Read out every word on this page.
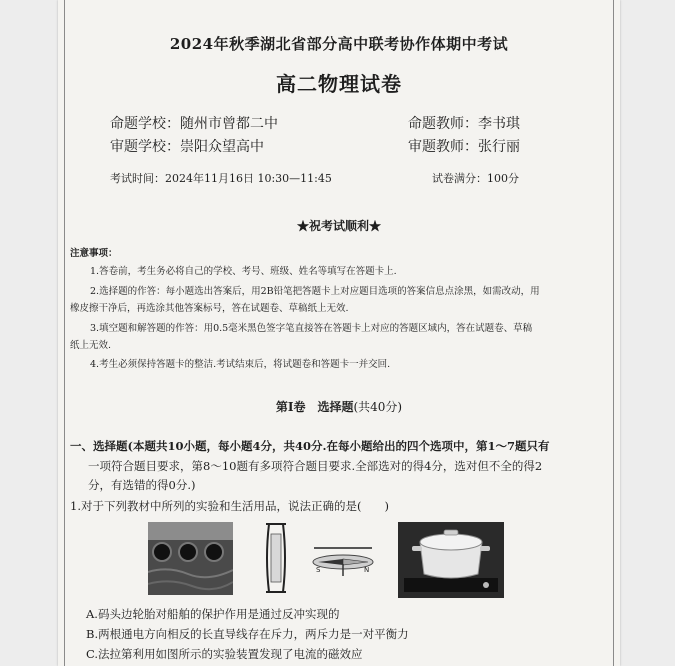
2024年秋季湖北省部分高中联考协作体期中考试
高二物理试卷
命题学校：随州市曾都二中	命题教师：李书琪
审题学校：崇阳众望高中	审题教师：张行丽
考试时间：2024年11月16日 10:30—11:45	试卷满分：100分
★祝考试顺利★
注意事项：
1.答卷前，考生务必将自己的学校、考号、班级、姓名等填写在答题卡上.
2.选择题的作答：每小题选出答案后，用2B铅笔把答题卡上对应题目选项的答案信息点涂黑，如需改动，用
橡皮擦干净后，再选涂其他答案标号，答在试题卷、草稿纸上无效.
3.填空题和解答题的作答：用0.5毫米黑色签字笔直接答在答题卡上对应的答题区域内，答在试题卷、草稿
纸上无效.
4.考生必须保持答题卡的整洁.考试结束后，将试题卷和答题卡一并交回.
第Ⅰ卷　选择题(共40分)
一、选择题(本题共10小题，每小题4分，共40分.在每小题给出的四个选项中，第1～7题只有
一项符合题目要求，第8～10题有多项符合题目要求.全部选对的得4分，选对但不全的得2
分，有选错的得0分.)
1.对于下列教材中所列的实验和生活用品，说法正确的是(　　)
S	N
A.码头边轮胎对船舶的保护作用是通过反冲实现的
B.两根通电方向相反的长直导线存在斥力，两斥力是一对平衡力
C.法拉第利用如图所示的实验装置发现了电流的磁效应
